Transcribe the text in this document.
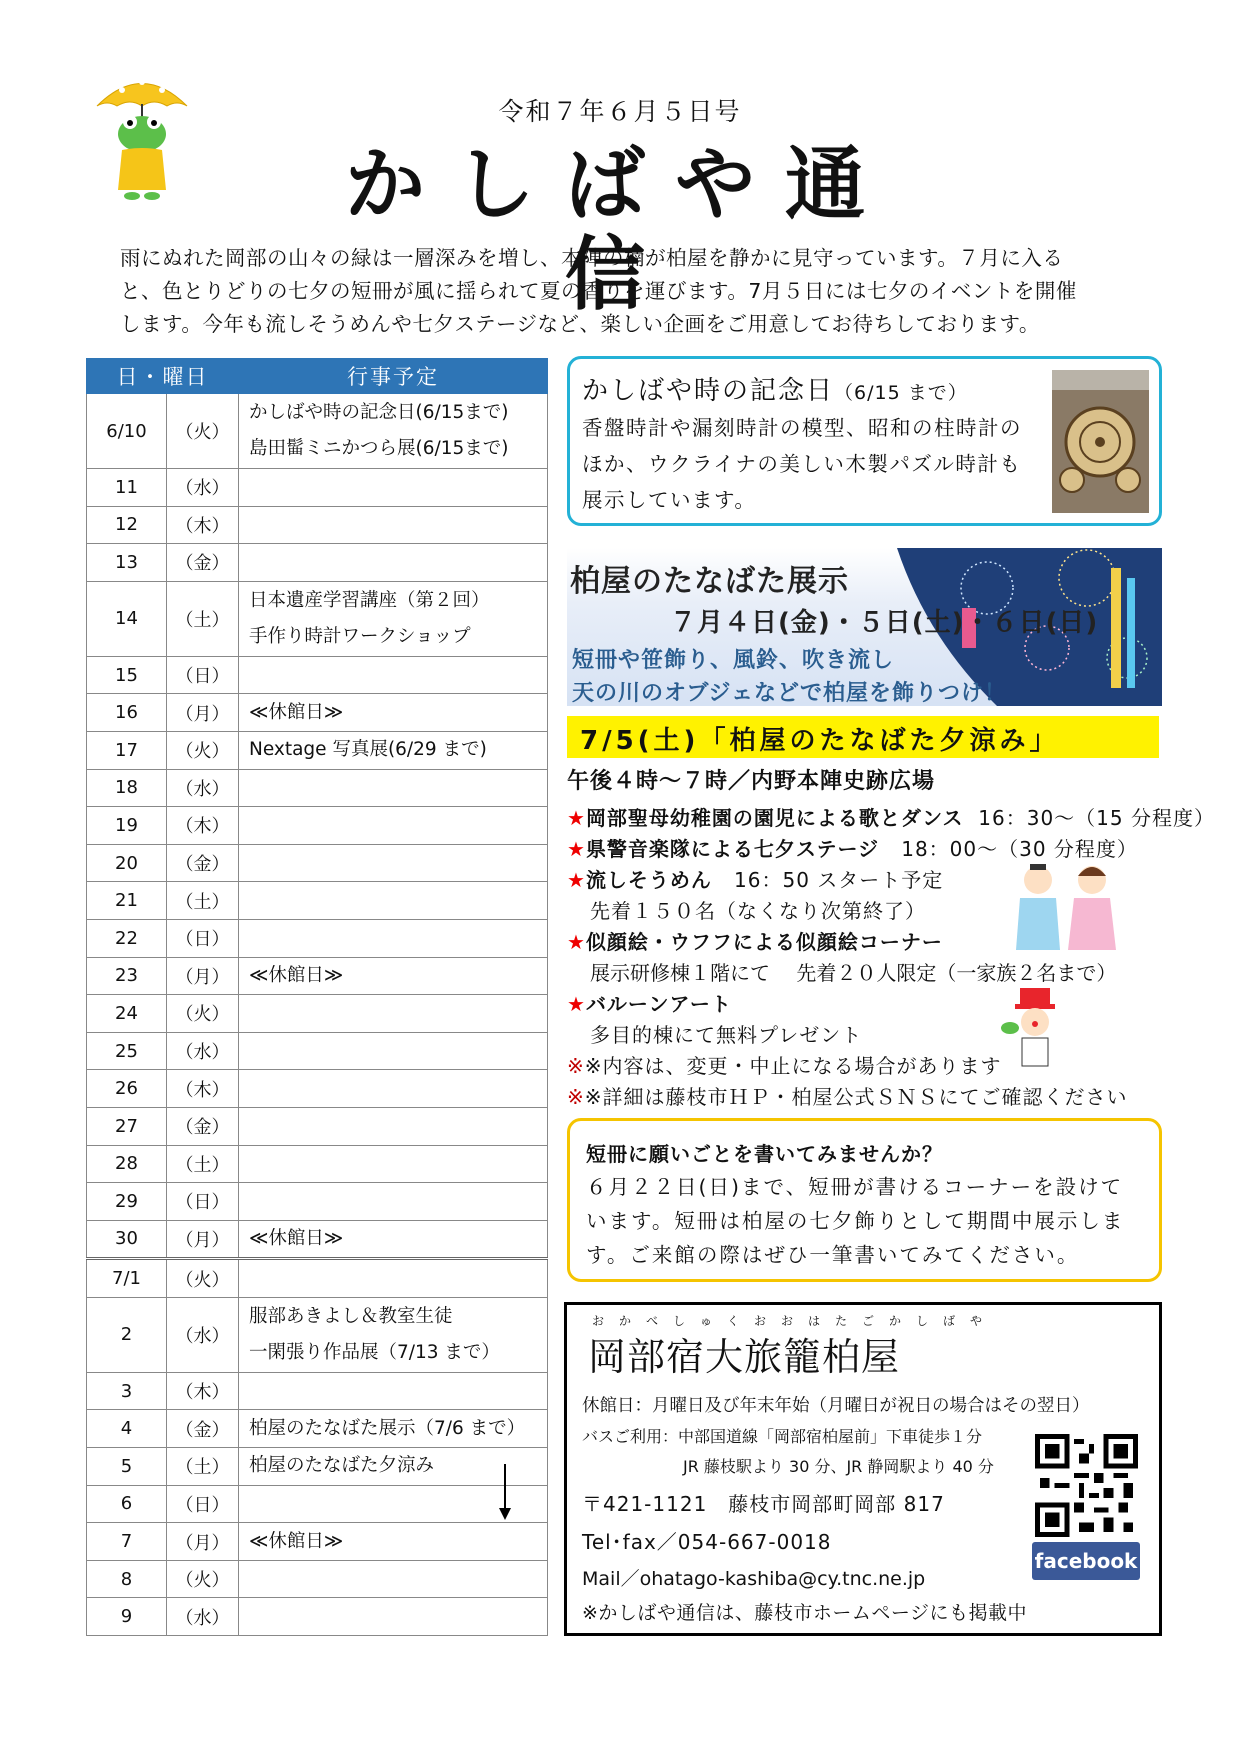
令和７年６月５日号
かしばや通信
雨にぬれた岡部の山々の緑は一層深みを増し、本陣の楠が柏屋を静かに見守っています。７月に入る
と、色とりどりの七夕の短冊が風に揺られて夏の香りを運びます。7月５日には七夕のイベントを開催
します。今年も流しそうめんや七夕ステージなど、楽しい企画をご用意してお待ちしております。
日・曜日		行事予定
6/10	（火）	かしばや時の記念日(6/15まで)
島田髷ミニかつら展(6/15まで)

11	（水）	

12	（木）	

13	（金）	

14	（土）	日本遺産学習講座（第２回）
手作り時計ワークショップ

15	（日）	

16	（月）	≪休館日≫

17	（火）	Nextage 写真展(6/29 まで)

18	（水）	

19	（木）	

20	（金）	

21	（土）	

22	（日）	

23	（月）	≪休館日≫

24	（火）	

25	（水）	

26	（木）	

27	（金）	

28	（土）	

29	（日）	

30	（月）	≪休館日≫

7/1	（火）	

2	（水）	服部あきよし＆教室生徒
一閑張り作品展（7/13 まで）

3	（木）	

4	（金）	柏屋のたなばた展示（7/6 まで）

5	（土）	柏屋のたなばた夕涼み

6	（日）	

7	（月）	≪休館日≫

8	（火）	

9	（水）	
かしばや時の記念日（6/15 まで）
香盤時計や漏刻時計の模型、昭和の柱時計の
ほか、ウクライナの美しい木製パズル時計も
展示しています。
柏屋のたなばた展示
７月４日(金)・５日(土)・６日(日)
短冊や笹飾り、風鈴、吹き流し
天の川のオブジェなどで柏屋を飾りつけ！
7/5(土)「柏屋のたなばた夕涼み」
午後４時～７時／内野本陣史跡広場
★岡部聖母幼稚園の園児による歌とダンス 16：30～（15 分程度）
★県警音楽隊による七夕ステージ 18：00～（30 分程度）
★流しそうめん 16：50 スタート予定
先着１５０名（なくなり次第終了）
★似顔絵・ウフフによる似顔絵コーナー
展示研修棟１階にて　 先着２０人限定（一家族２名まで）
★バルーンアート
多目的棟にて無料プレゼント
※※内容は、変更・中止になる場合があります
※※詳細は藤枝市ＨＰ・柏屋公式ＳＮＳにてご確認ください
短冊に願いごとを書いてみませんか？
６月２２日(日)まで、短冊が書けるコーナーを設けて
います。短冊は柏屋の七夕飾りとして期間中展示しま
す。ご来館の際はぜひ一筆書いてみてください。
おかべしゅくおおはたごかしばや
岡部宿大旅籠柏屋
休館日：月曜日及び年末年始（月曜日が祝日の場合はその翌日）
バスご利用：中部国道線「岡部宿柏屋前」下車徒歩１分
JR 藤枝駅より 30 分、JR 静岡駅より 40 分
〒421-1121　藤枝市岡部町岡部 817
Tel･fax／054-667-0018
Mail／ohatago-kashiba@cy.tnc.ne.jp
※かしばや通信は、藤枝市ホームページにも掲載中
facebook
